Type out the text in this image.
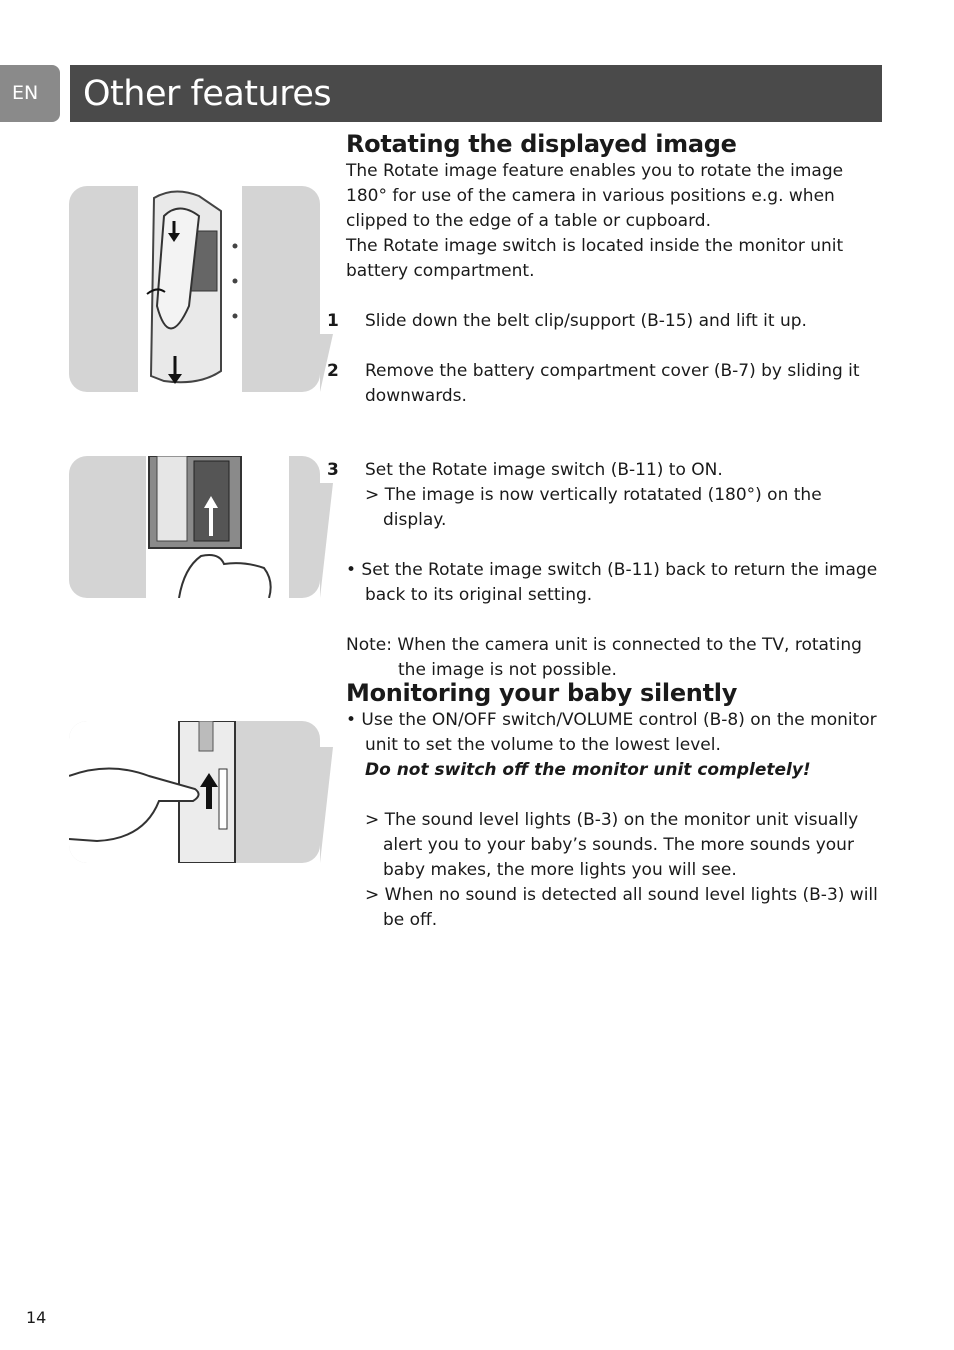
EN Other features
Rotating the displayed image

The Rotate image feature enables you to rotate the image 180° for use of the camera in various positions e.g. when clipped to the edge of a table or cupboard.

The Rotate image switch is located inside the monitor unit battery compartment.

1 Slide down the belt clip/support (B-15) and lift it up.

2 Remove the battery compartment cover (B-7) by sliding it downwards.

3 Set the Rotate image switch (B-11) to ON.

> The image is now vertically rotatated (180°) on the display.

• Set the Rotate image switch (B-11) back to return the image back to its original setting.

Note: When the camera unit is connected to the TV, rotating the image is not possible.

Monitoring your baby silently

• Use the ON/OFF switch/VOLUME control (B-8) on the monitor unit to set the volume to the lowest level.

Do not switch off the monitor unit completely!

> The sound level lights (B-3) on the monitor unit visually alert you to your baby’s sounds. The more sounds your baby makes, the more lights you will see.

> When no sound is detected all sound level lights (B-3) will be off.

14
